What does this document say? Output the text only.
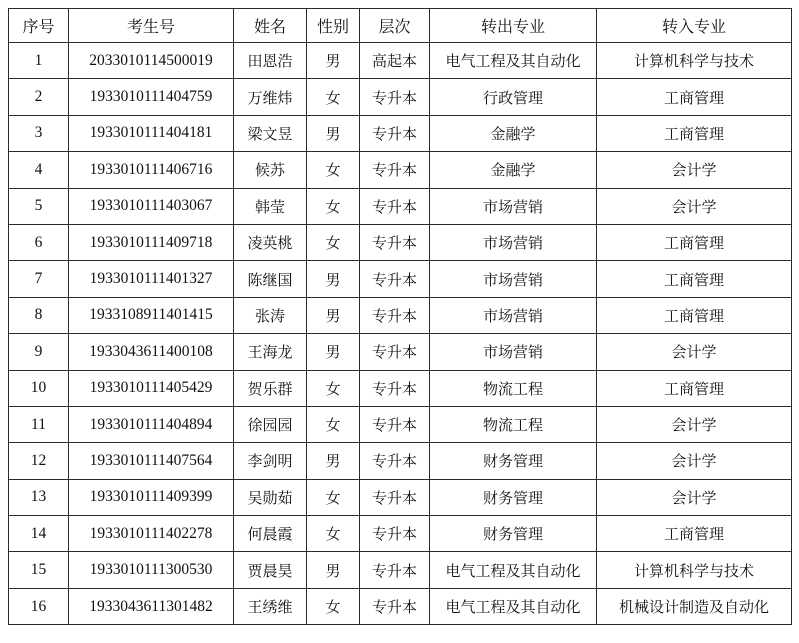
序号	考生号	姓名	性别	层次	转出专业	转入专业
1	2033010114500019	田恩浩	男	高起本	电气工程及其自动化	计算机科学与技术
2	1933010111404759	万维炜	女	专升本	行政管理	工商管理
3	1933010111404181	梁文昱	男	专升本	金融学	工商管理
4	1933010111406716	候苏	女	专升本	金融学	会计学
5	1933010111403067	韩莹	女	专升本	市场营销	会计学
6	1933010111409718	凌英桃	女	专升本	市场营销	工商管理
7	1933010111401327	陈继国	男	专升本	市场营销	工商管理
8	1933108911401415	张涛	男	专升本	市场营销	工商管理
9	1933043611400108	王海龙	男	专升本	市场营销	会计学
10	1933010111405429	贺乐群	女	专升本	物流工程	工商管理
11	1933010111404894	徐园园	女	专升本	物流工程	会计学
12	1933010111407564	李剑明	男	专升本	财务管理	会计学
13	1933010111409399	吴勋茹	女	专升本	财务管理	会计学
14	1933010111402278	何晨霞	女	专升本	财务管理	工商管理
15	1933010111300530	贾晨昊	男	专升本	电气工程及其自动化	计算机科学与技术
16	1933043611301482	王绣维	女	专升本	电气工程及其自动化	机械设计制造及自动化
